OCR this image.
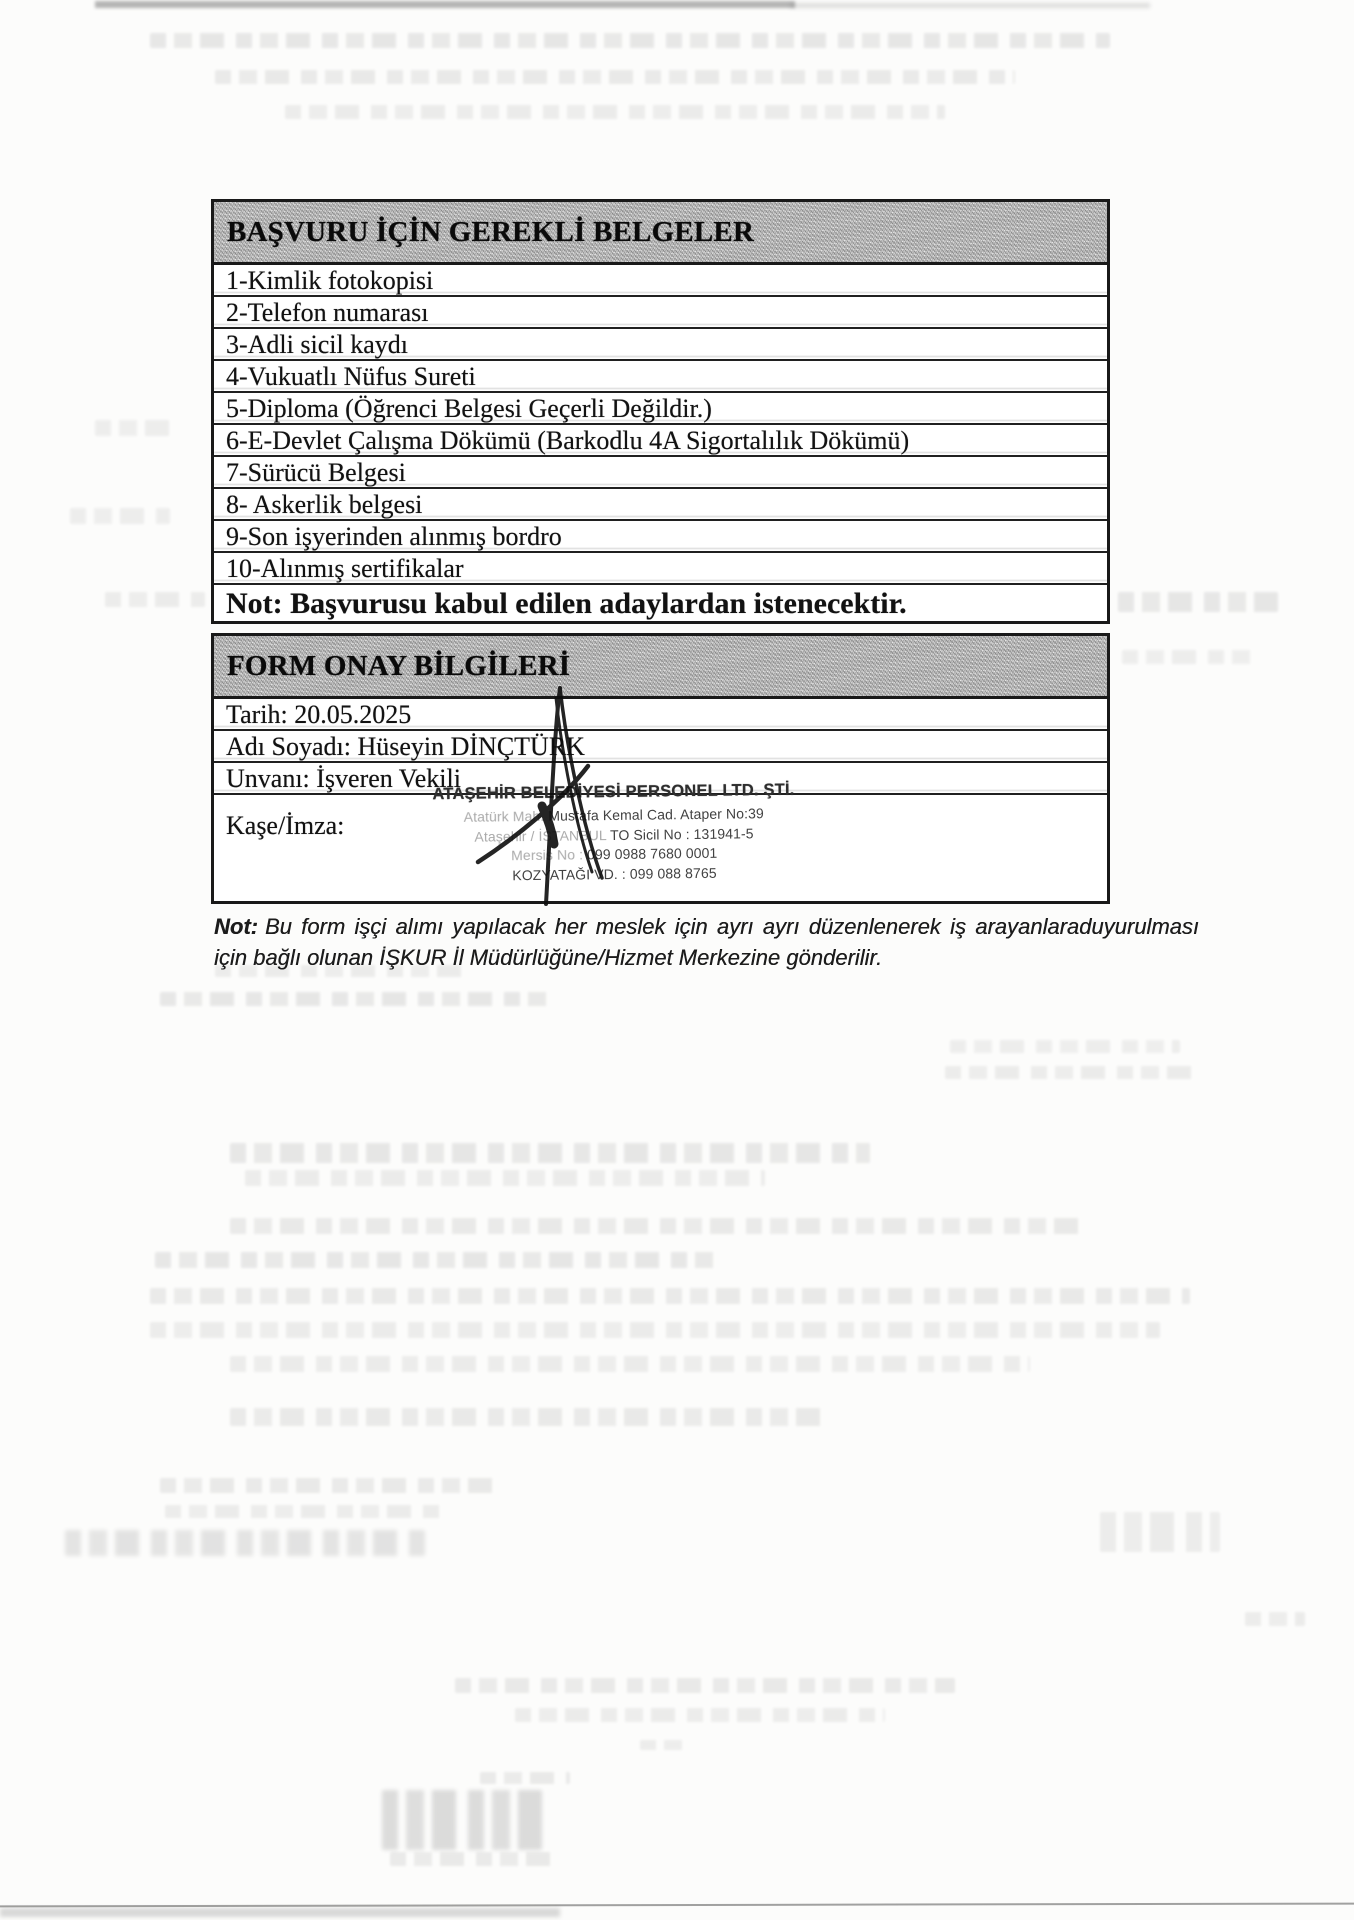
BAŞVURU İÇİN GEREKLİ BELGELER
1-Kimlik fotokopisi
2-Telefon numarası
3-Adli sicil kaydı
4-Vukuatlı Nüfus Sureti
5-Diploma (Öğrenci Belgesi Geçerli Değildir.)
6-E-Devlet Çalışma Dökümü (Barkodlu 4A Sigortalılık Dökümü)
7-Sürücü Belgesi
8- Askerlik belgesi
9-Son işyerinden alınmış bordro
10-Alınmış sertifikalar
Not: Başvurusu kabul edilen adaylardan istenecektir.
FORM ONAY BİLGİLERİ
Tarih: 20.05.2025
Adı Soyadı: Hüseyin DİNÇTÜRK
Unvanı: İşveren Vekili
Kaşe/İmza:
ATAŞEHİR BELEDİYESİ PERSONEL LTD. ŞTİ.
Atatürk Mah. Mustafa Kemal Cad. Ataper No:39
Ataşehir / İSTANBUL TO Sicil No : 131941-5
Mersis No : 099 0988 7680 0001
KOZYATAĞI VD. : 099 088 8765

Not: Bu form işçi alımı yapılacak her meslek için ayrı ayrı düzenlenerek iş arayanlaraduyurulması için bağlı olunan İŞKUR İl Müdürlüğüne/Hizmet Merkezine gönderilir.
